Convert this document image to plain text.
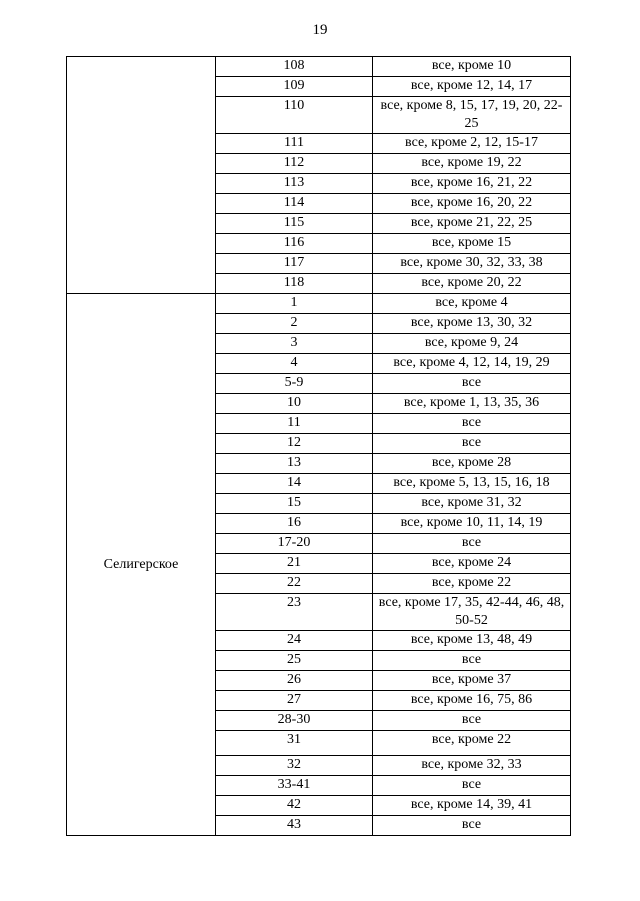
19
	108	все, кроме 10
	109	все, кроме 12, 14, 17
	110	все, кроме 8, 15, 17, 19, 20, 22-25
	111	все, кроме 2, 12, 15-17
	112	все, кроме 19, 22
	113	все, кроме 16, 21, 22
	114	все, кроме 16, 20, 22
	115	все, кроме 21, 22, 25
	116	все, кроме 15
	117	все, кроме 30, 32, 33, 38
	118	все, кроме 20, 22
Селигерское	1	все, кроме 4
	2	все, кроме 13, 30, 32
	3	все, кроме 9, 24
	4	все, кроме 4, 12, 14, 19, 29
	5-9	все
	10	все, кроме 1, 13, 35, 36
	11	все
	12	все
	13	все, кроме 28
	14	все, кроме 5, 13, 15, 16, 18
	15	все, кроме 31, 32
	16	все, кроме 10, 11, 14, 19
	17-20	все
	21	все, кроме 24
	22	все, кроме 22
	23	все, кроме 17, 35, 42-44, 46, 48, 50-52
	24	все, кроме 13, 48, 49
	25	все
	26	все, кроме 37
	27	все, кроме 16, 75, 86
	28-30	все
	31	все, кроме 22
	32	все, кроме 32, 33
	33-41	все
	42	все, кроме 14, 39, 41
	43	все
